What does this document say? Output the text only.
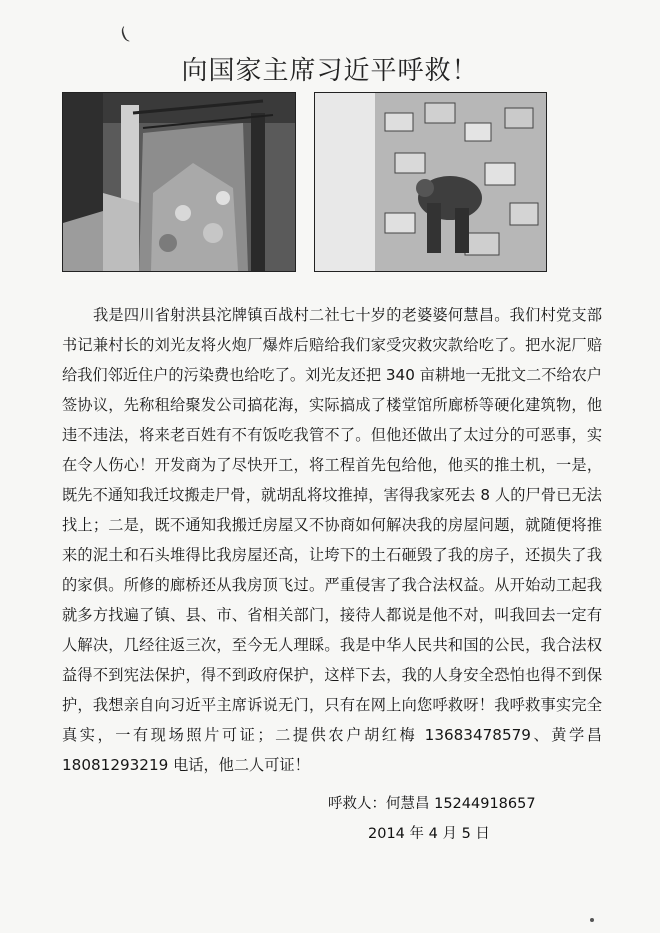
(
向国家主席习近平呼救！
我是四川省射洪县沱牌镇百战村二社七十岁的老婆婆何慧昌。我们村党支部书记兼村长的刘光友将火炮厂爆炸后赔给我们家受灾救灾款给吃了。把水泥厂赔给我们邻近住户的污染费也给吃了。刘光友还把 340 亩耕地一无批文二不给农户签协议，先称租给聚发公司搞花海，实际搞成了楼堂馆所廊桥等硬化建筑物，他违不违法，将来老百姓有不有饭吃我管不了。但他还做出了太过分的可恶事，实在令人伤心！开发商为了尽快开工，将工程首先包给他，他买的推土机，一是，既先不通知我迁坟搬走尸骨，就胡乱将坟推掉，害得我家死去 8 人的尸骨已无法找上；二是，既不通知我搬迁房屋又不协商如何解决我的房屋问题，就随便将推来的泥土和石头堆得比我房屋还高，让垮下的土石砸毁了我的房子，还损失了我的家俱。所修的廊桥还从我房顶飞过。严重侵害了我合法权益。从开始动工起我就多方找遍了镇、县、市、省相关部门，接待人都说是他不对，叫我回去一定有人解决，几经往返三次，至今无人理睬。我是中华人民共和国的公民，我合法权益得不到宪法保护，得不到政府保护，这样下去，我的人身安全恐怕也得不到保护，我想亲自向习近平主席诉说无门，只有在网上向您呼救呀！我呼救事实完全真实，一有现场照片可证；二提供农户胡红梅 13683478579、黄学昌 18081293219 电话，他二人可证！
呼救人：何慧昌 15244918657
2014 年 4 月 5 日
